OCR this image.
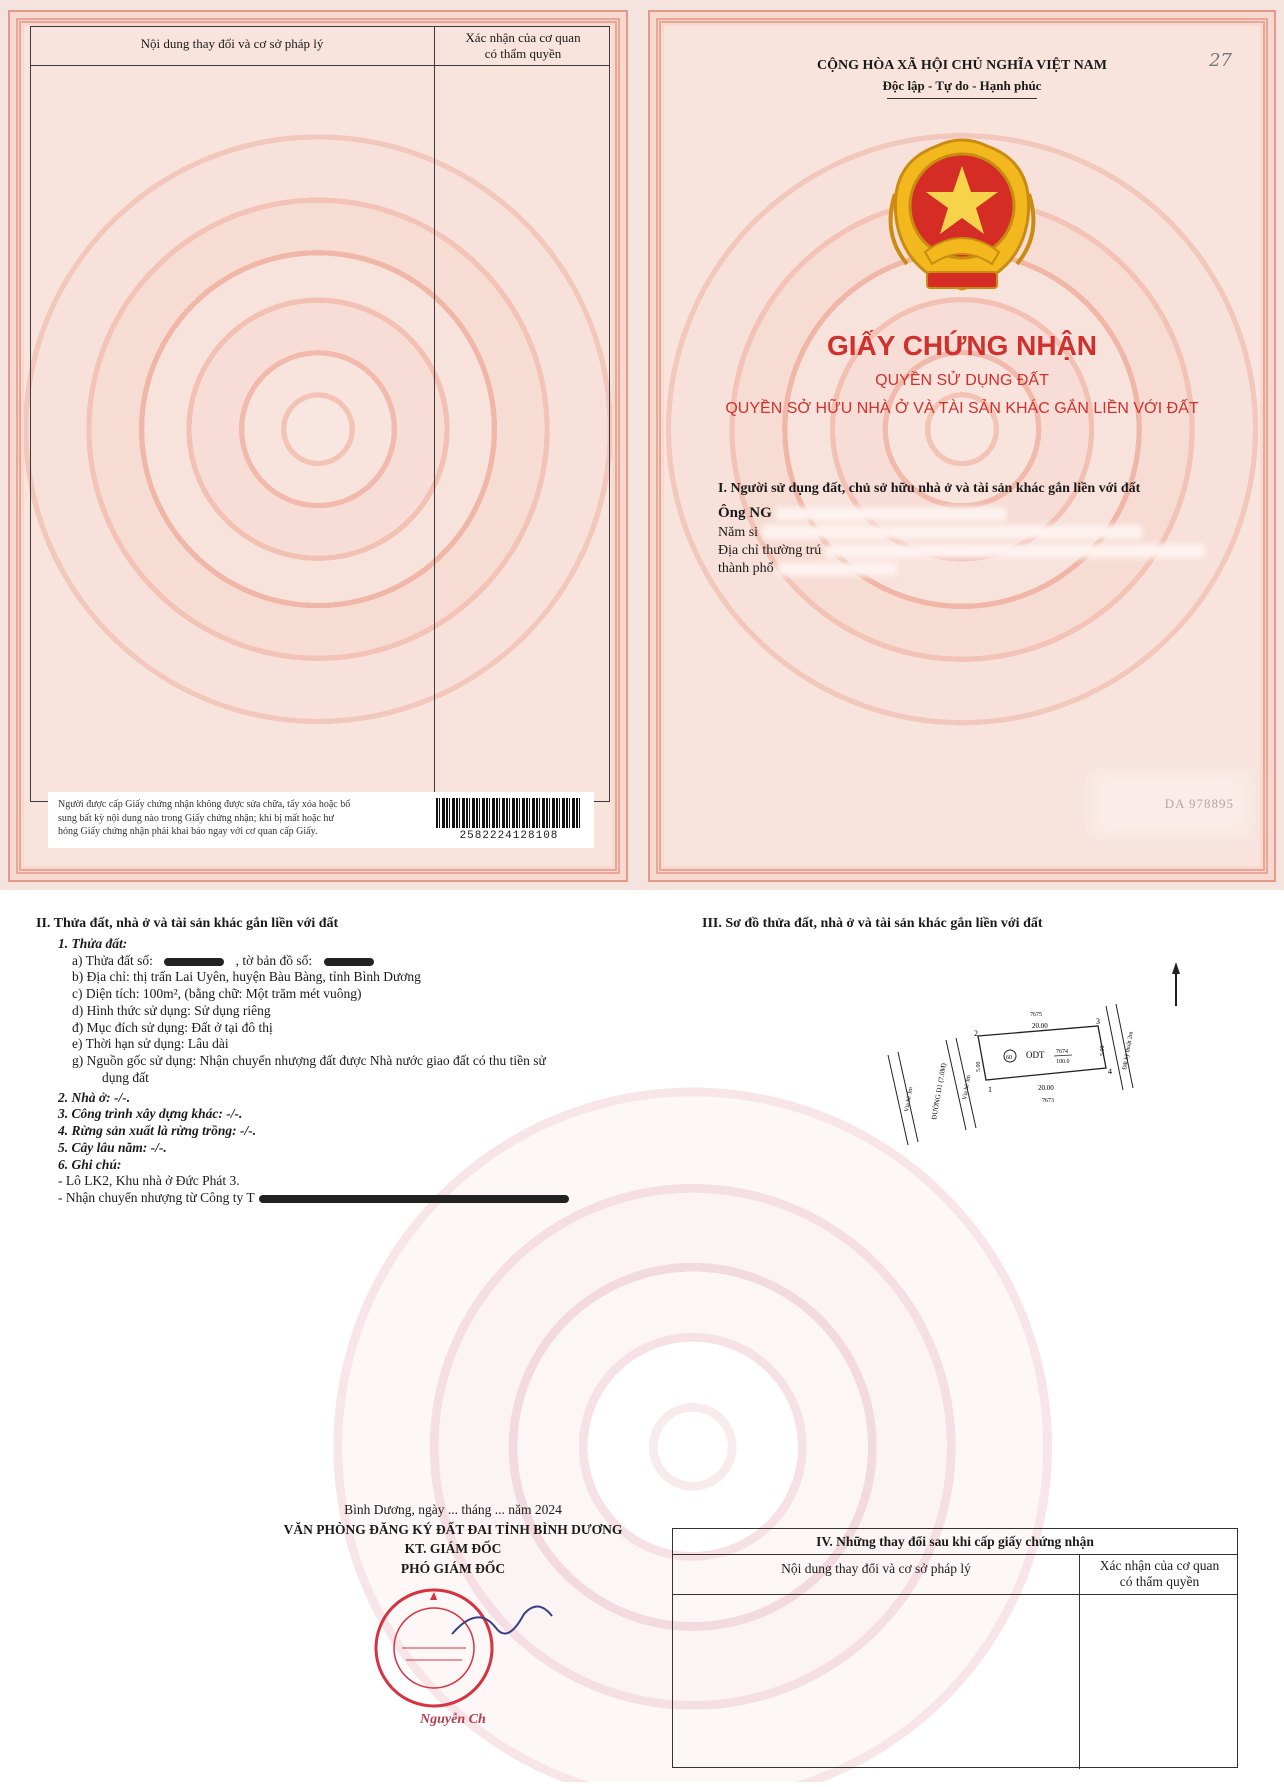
Nội dung thay đổi và cơ sở pháp lý	Xác nhận của cơ quan
có thẩm quyền
Người được cấp Giấy chứng nhận không được sửa chữa, tẩy xóa hoặc bổ
sung bất kỳ nội dung nào trong Giấy chứng nhận; khi bị mất hoặc hư
hỏng Giấy chứng nhận phải khai báo ngay với cơ quan cấp Giấy.	2582224128108
27
CỘNG HÒA XÃ HỘI CHỦ NGHĨA VIỆT NAM
Độc lập - Tự do - Hạnh phúc
GIẤY CHỨNG NHẬN
QUYỀN SỬ DỤNG ĐẤT
QUYỀN SỞ HỮU NHÀ Ở VÀ TÀI SẢN KHÁC GẮN LIỀN VỚI ĐẤT
I. Người sử dụng đất, chủ sở hữu nhà ở và tài sản khác gắn liền với đất
Ông NG
Năm si
Địa chỉ thường trú
thành phố
DA 978895
II. Thửa đất, nhà ở và tài sản khác gắn liền với đất
1. Thửa đất:
a) Thửa đất số:	, tờ bản đồ số:
b) Địa chỉ: thị trấn Lai Uyên, huyện Bàu Bàng, tỉnh Bình Dương
c) Diện tích: 100m², (bằng chữ: Một trăm mét vuông)
d) Hình thức sử dụng: Sử dụng riêng
đ) Mục đích sử dụng: Đất ở tại đô thị
e) Thời hạn sử dụng: Lâu dài
g) Nguồn gốc sử dụng: Nhận chuyển nhượng đất được Nhà nước giao đất có thu tiền sử
dụng đất
2. Nhà ở: -/-.
3. Công trình xây dựng khác: -/-.
4. Rừng sản xuất là rừng trồng: -/-.
5. Cây lâu năm: -/-.
6. Ghi chú:
- Lô LK2, Khu nhà ở Đức Phát 3.
- Nhận chuyển nhượng từ Công ty T
III. Sơ đồ thửa đất, nhà ở và tài sản khác gắn liền với đất
60 ODT 7674
100.0
20.00
20.00
7675
7673
2
1
3
4
5.00
5.00
ĐƯỜNG D1 (7.0M)
Vỉa hè 3m	Vỉa hè 3m
Đất kỹ thuật 2m
Bình Dương, ngày ... tháng ... năm 2024
VĂN PHÒNG ĐĂNG KÝ ĐẤT ĐAI TỈNH BÌNH DƯƠNG
KT. GIÁM ĐỐC
PHÓ GIÁM ĐỐC
Nguyễn Ch
IV. Những thay đổi sau khi cấp giấy chứng nhận
Nội dung thay đổi và cơ sở pháp lý	Xác nhận của cơ quan
có thẩm quyền
